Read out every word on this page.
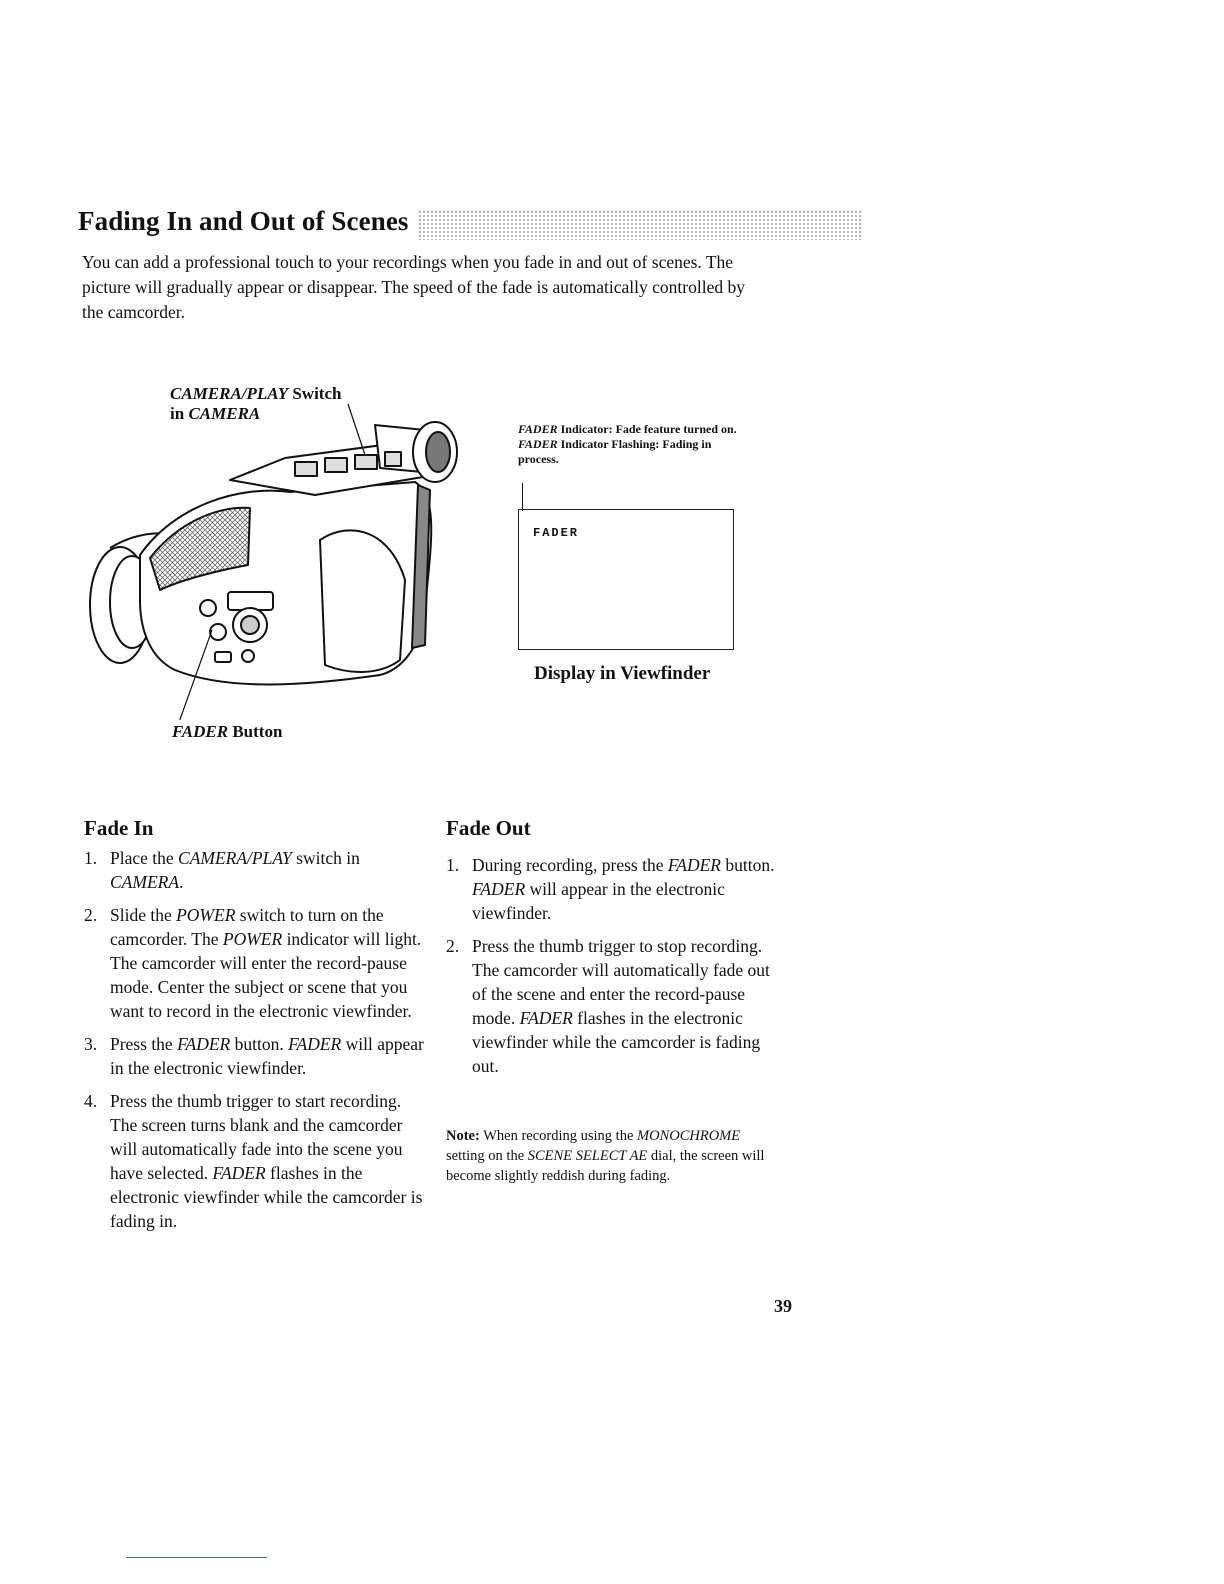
Fading In and Out of Scenes

You can add a professional touch to your recordings when you fade in and out of scenes. The picture will gradually appear or disappear. The speed of the fade is automatically controlled by the camcorder.

CAMERA/PLAY Switch
in CAMERA
FADER Button
FADER Indicator: Fade feature turned on.
FADER Indicator Flashing: Fading in process.
FADER
Display in Viewfinder
Fade In
1. Place the CAMERA/PLAY switch in CAMERA.
2. Slide the POWER switch to turn on the camcorder. The POWER indicator will light. The camcorder will enter the record-pause mode. Center the subject or scene that you want to record in the electronic viewfinder.
3. Press the FADER button. FADER will appear in the electronic viewfinder.
4. Press the thumb trigger to start recording. The screen turns blank and the camcorder will automatically fade into the scene you have selected. FADER flashes in the electronic viewfinder while the camcorder is fading in.
Fade Out
1. During recording, press the FADER button. FADER will appear in the electronic viewfinder.
2. Press the thumb trigger to stop recording. The camcorder will automatically fade out of the scene and enter the record-pause mode. FADER flashes in the electronic viewfinder while the camcorder is fading out.
Note: When recording using the MONOCHROME setting on the SCENE SELECT AE dial, the screen will become slightly reddish during fading.
39
